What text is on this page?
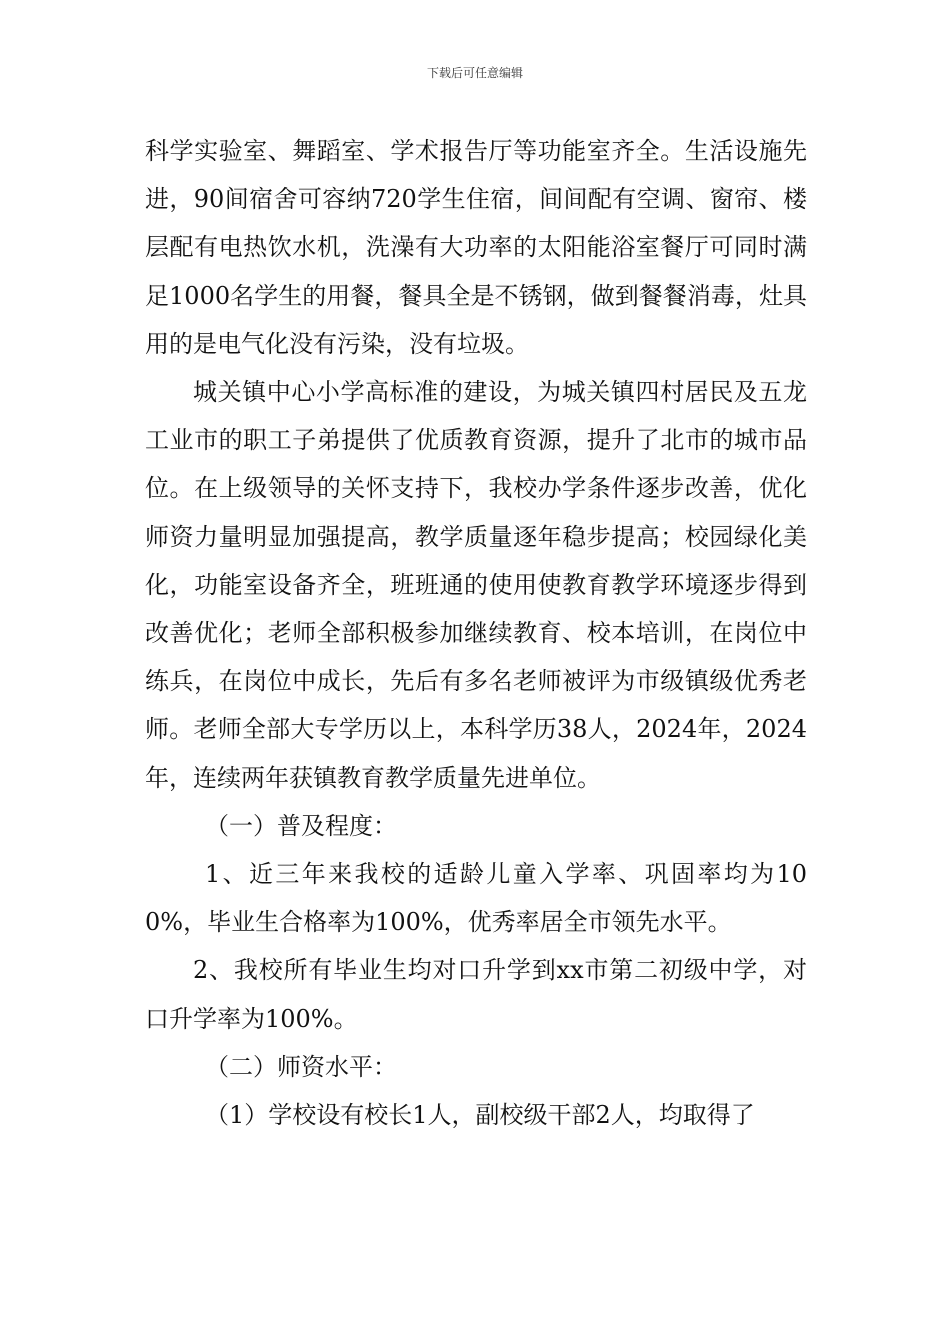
下载后可任意编辑

科学实验室、舞蹈室、学术报告厅等功能室齐全。生活设施先进，90间宿舍可容纳720学生住宿，间间配有空调、窗帘、楼层配有电热饮水机，洗澡有大功率的太阳能浴室餐厅可同时满足1000名学生的用餐，餐具全是不锈钢，做到餐餐消毒，灶具用的是电气化没有污染，没有垃圾。

城关镇中心小学高标准的建设，为城关镇四村居民及五龙工业市的职工子弟提供了优质教育资源，提升了北市的城市品位。在上级领导的关怀支持下，我校办学条件逐步改善，优化师资力量明显加强提高，教学质量逐年稳步提高；校园绿化美化，功能室设备齐全，班班通的使用使教育教学环境逐步得到改善优化；老师全部积极参加继续教育、校本培训，在岗位中练兵，在岗位中成长，先后有多名老师被评为市级镇级优秀老师。老师全部大专学历以上，本科学历38人，2024年，2024年，连续两年获镇教育教学质量先进单位。

（一）普及程度：

1、近三年来我校的适龄儿童入学率、巩固率均为100%，毕业生合格率为100%，优秀率居全市领先水平。

2、我校所有毕业生均对口升学到xx市第二初级中学，对口升学率为100%。

（二）师资水平：

（1）学校设有校长1人，副校级干部2人，均取得了
